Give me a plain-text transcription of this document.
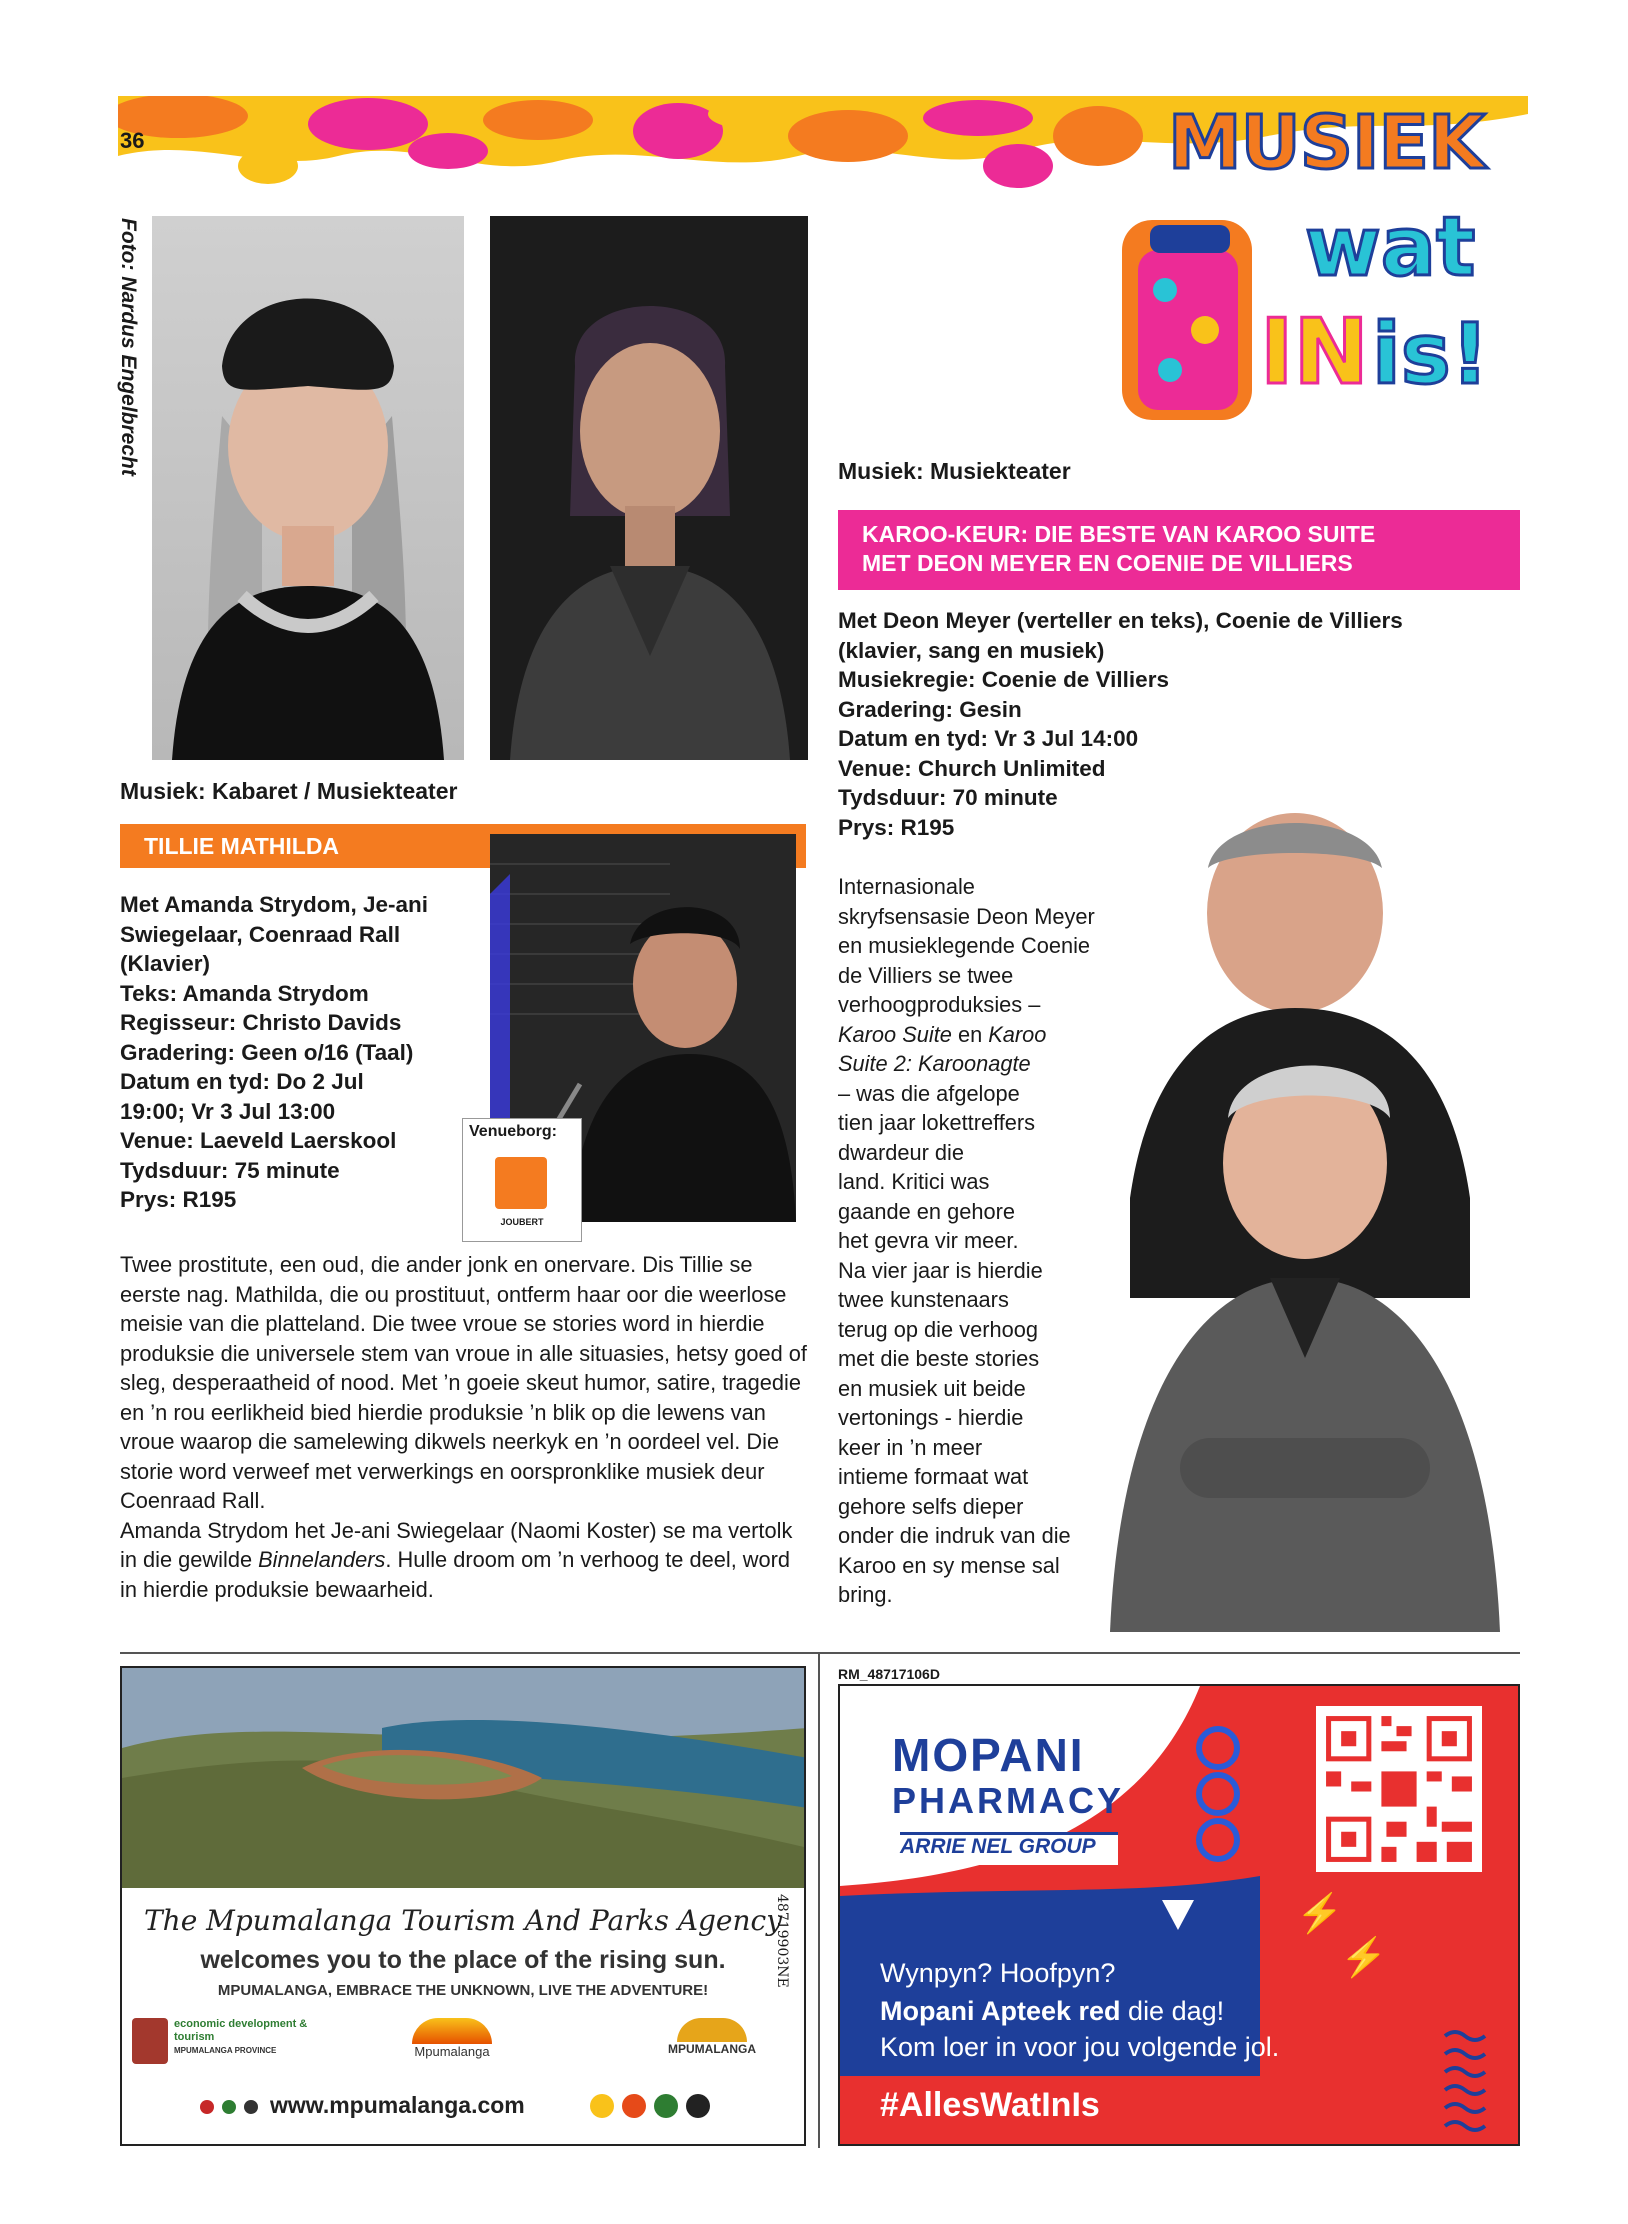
36
Foto: Nardus Engelbrecht
MUSIEK
wat
IN is!
Musiek: Kabaret / Musiekteater
TILLIE MATHILDA
Venueborg:
JOUBERT
Met Amanda Strydom, Je-ani
Swiegelaar, Coenraad Rall
(Klavier)
Teks: Amanda Strydom
Regisseur: Christo Davids
Gradering: Geen o/16 (Taal)
Datum en tyd: Do 2 Jul
19:00; Vr 3 Jul 13:00
Venue: Laeveld Laerskool
Tydsduur: 75 minute
Prys: R195

Twee prostitute, een oud, die ander jonk en onervare. Dis Tillie se eerste nag. Mathilda, die ou prostituut, ontferm haar oor die weerlose meisie van die platteland. Die twee vroue se stories word in hierdie produksie die universele stem van vroue in alle situasies, hetsy goed of sleg, desperaatheid of nood. Met ’n goeie skeut humor, satire, tragedie en ’n rou eerlikheid bied hierdie produksie ’n blik op die lewens van vroue waarop die samelewing dikwels neerkyk en ’n oordeel vel. Die storie word verweef met verwerkings en oorspronklike musiek deur Coenraad Rall.

Amanda Strydom het Je-ani Swiegelaar (Naomi Koster) se ma vertolk in die gewilde Binnelanders. Hulle droom om ’n verhoog te deel, word in hierdie produksie bewaarheid.

Musiek: Musiekteater
KAROO-KEUR: DIE BESTE VAN KAROO SUITE
MET DEON MEYER EN COENIE DE VILLIERS
Met Deon Meyer (verteller en teks), Coenie de Villiers
(klavier, sang en musiek)
Musiekregie: Coenie de Villiers
Gradering: Gesin
Datum en tyd: Vr 3 Jul 14:00
Venue: Church Unlimited
Tydsduur: 70 minute
Prys: R195
Internasionale
skryfsensasie Deon Meyer
en musieklegende Coenie
de Villiers se twee
verhoogproduksies –
Karoo Suite en Karoo
Suite 2: Karoonagte
– was die afgelope
tien jaar lokettreffers
dwardeur die
land. Kritici was
gaande en gehore
het gevra vir meer.
Na vier jaar is hierdie
twee kunstenaars
terug op die verhoog
met die beste stories
en musiek uit beide
vertonings - hierdie
keer in ’n meer
intieme formaat wat
gehore selfs dieper
onder die indruk van die
Karoo en sy mense sal
bring.
The Mpumalanga Tourism And Parks Agency
welcomes you to the place of the rising sun.
MPUMALANGA, EMBRACE THE UNKNOWN, LIVE THE ADVENTURE!
economic development & tourism
MPUMALANGA PROVINCE	Mpumalanga	MPUMALANGA
www.mpumalanga.com
48719903NE
RM_48717106D
MOPANI
PHARMACY
ARRIE NEL GROUP
⚡
⚡
Wynpyn? Hoofpyn?
Mopani Apteek red die dag!
Kom loer in voor jou volgende jol.
#AllesWatInIs
